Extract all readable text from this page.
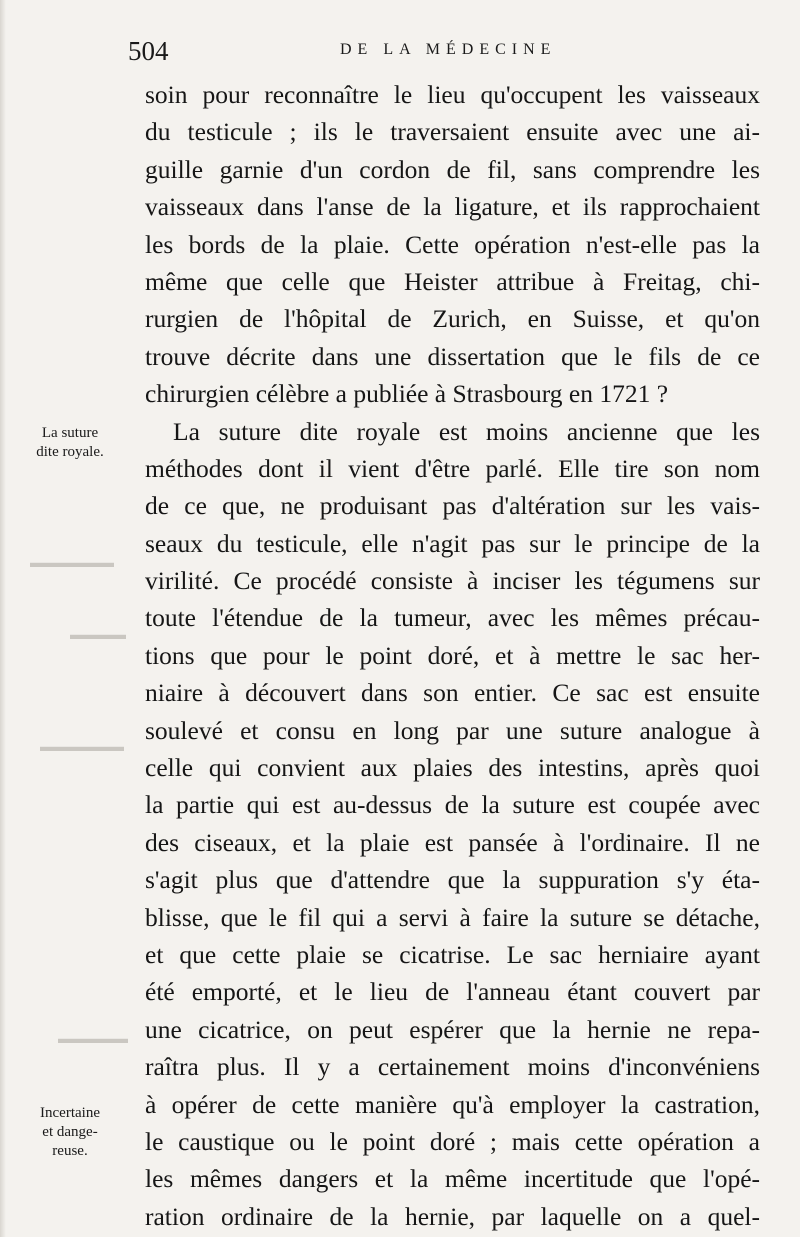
504	DE LA MÉDECINE
▬▬▬▬▬▬
▬▬▬▬
▬▬▬▬▬▬
▬▬▬▬▬
La suture
dite royale.
Incertaine
et dange-
reuse.
soin pour reconnaître le lieu qu'occupent les vaisseaux
du testicule ; ils le traversaient ensuite avec une ai-
guille garnie d'un cordon de fil, sans comprendre les
vaisseaux dans l'anse de la ligature, et ils rapprochaient
les bords de la plaie. Cette opération n'est-elle pas la
même que celle que Heister attribue à Freitag, chi-
rurgien de l'hôpital de Zurich, en Suisse, et qu'on
trouve décrite dans une dissertation que le fils de ce
chirurgien célèbre a publiée à Strasbourg en 1721 ?
La suture dite royale est moins ancienne que les
méthodes dont il vient d'être parlé. Elle tire son nom
de ce que, ne produisant pas d'altération sur les vais-
seaux du testicule, elle n'agit pas sur le principe de la
virilité. Ce procédé consiste à inciser les tégumens sur
toute l'étendue de la tumeur, avec les mêmes précau-
tions que pour le point doré, et à mettre le sac her-
niaire à découvert dans son entier. Ce sac est ensuite
soulevé et consu en long par une suture analogue à
celle qui convient aux plaies des intestins, après quoi
la partie qui est au-dessus de la suture est coupée avec
des ciseaux, et la plaie est pansée à l'ordinaire. Il ne
s'agit plus que d'attendre que la suppuration s'y éta-
blisse, que le fil qui a servi à faire la suture se détache,
et que cette plaie se cicatrise. Le sac herniaire ayant
été emporté, et le lieu de l'anneau étant couvert par
une cicatrice, on peut espérer que la hernie ne repa-
raîtra plus. Il y a certainement moins d'inconvéniens
à opérer de cette manière qu'à employer la castration,
le caustique ou le point doré ; mais cette opération a
les mêmes dangers et la même incertitude que l'opé-
ration ordinaire de la hernie, par laquelle on a quel-
